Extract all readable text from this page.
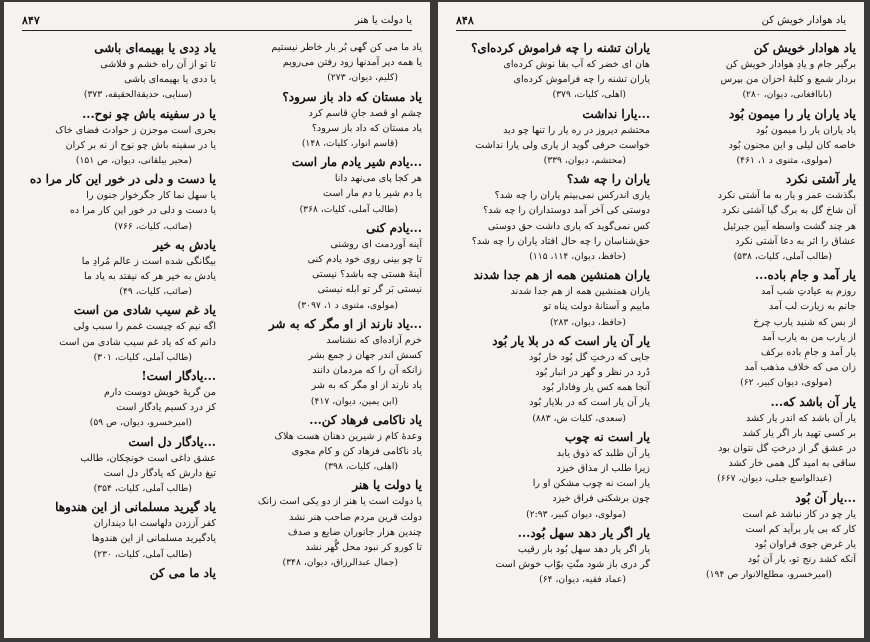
۸۴۷	یا دولت یا هنر
یاد ما می کن گهی بُر بار خاطر نیستیم
یا همه دیر آمدنها زود رفتن می‌رویم
(کلیم، دیوان، ۲۷۳)
یاد مستان که داد باز سرود؟
چشم او قصد جانِ قاسم کرد
یاد مستان که داد باز سرود؟
(قاسم انوار، کلیات، ۱۴۸)
...یادم شیر یادم مار است
هر کجا پای می‌نهد دانا
یا دم شیر یا دم مار است
(طالب آملی، کلیات، ۳۶۸)
...یادم کنی
آینه آوردمت ای روشنی
تا چو بینی روی خود یادم کنی
آینهٔ هستی چه باشد؟ نیستی
نیستی بَر گر تو ابله نیستی
(مولوی، مثنوی د ۱، ۳۰۹۷)
...یاد نارند از او مگر که به شر
خرم آزاده‌ای که نشناسد
کسش اندر جهان ز جمع بشر
زانکه آن را که مردمان دانند
یاد نارند از او مگر که به شر
(ابن یمین، دیوان، ۴۱۷)
یاد ناکامی فرهاد کن...
وعدهٔ کام ز شیرین دهنان هست هلاک
یاد ناکامی فرهاد کن و کام مجوی
(اهلی، کلیات، ۳۹۸)
یا دولت یا هنر
یا دولت است یا هنر از دو یکی است زانک
دولت قرین مردم صاحب هنر نشد
چندین هزار جانوران ضایع و صدف
تا کورو کر نبود محل گُهر نشد
(جمال عبدالرزاق، دیوان، ۳۴۸)
یاد دِدی یا بهیمه‌ای باشی
تا تو از آن راه خشم و فلاشی
یا ددی یا بهیمه‌ای باشی
(سنایی، حدیقة‌الحقیقه، ۳۷۳)
یا در سفینه باش چو نوح...
بحری است موجزن ز حوادث فضای خاک
یا در سفینه باش چو نوح از نه بر کران
(مجیر بیلقانی، دیوان، ص ۱۵۱)
یا دست و دلی در خور این کار مرا ده
یا سهل نما کار جگرخوار جنون را
یا دست و دلی در خور این کار مرا ده
(صائب، کلیات، ۷۶۶)
یادش به خیر
بیگانگی شده است ز عالم مُرادِ ما
یادش به خیر هر که نیفتد به یاد ما
(صائب، کلیات، ۴۹)
یاد غم سیب شادی من است
اگه نیم که چیست غمم را سبب ولی
دانم که که یاد غم سیب شادی من است
(طالب آملی، کلیات، ۳۰۱)
...یادگار است!
من گریهٔ خویش دوست دارم
کز درد کسیم یادگار است
(امیرخسرو، دیوان، ص ۵۹)
...یادگار دل است
عشق داغی است خونچکان، طالب
تیغ دارش که یادگار دل است
(طالب آملی، کلیات، ۳۵۴)
یاد گیرید مسلمانی از این هندوها
کفر آززدن دلهاست ابا دینداران
یادگیرید مسلمانی از این هندوها
(طالب آملی، کلیات، ۲۳۰)
یاد ما می کن
۸۴۸	یاد هوادار خویش کن
یاد هوادار خویش کن
برگیر جام و یادِ هوادار خویش کن
بردار شمع و کلبهٔ احزان من بپرس
(باباافغانی، دیوان، ۲۸۰)
یاد یاران یار را میمون بُود
یاد یاران یار را میمون بُود
خاصه کان لیلی و این مجنون بُود
(مولوی، مثنوی د ۱، ۴۶۱)
یار آشتی نکرد
بگذشت عمر و یار به ما آشتی نکرد
آن شاخ گل به برگ گیا آشتی نکرد
هر چند گشت واسطه آیین جبرئیل
عشاق را اثر به دعا آشتی نکرد
(طالب آملی، کلیات، ۵۳۸)
یار آمد و جام باده...
روزم به عیادتِ شب آمد
جانم به زیارت لب آمد
از بس که شنید یارب چرخ
از یارب من به یارب آمد
یار آمد و جامِ باده برکف
زان می که خلاف مذهب آمد
(مولوی، دیوان کبیر، ۶۲)
یار آن باشد که...
یار آن باشد که اندر یار کشد
بر کسی تهید بار اگر یار کشد
در عشق گر از درختِ گل نتوان بود
ساقی به امید گل همی خار کشد
(عبدالواسع جبلی، دیوان، ۶۶۷)
...یار آن بُود
یار چو در کار نباشد غم است
کار که بی یار برآید کم است
یار غرض جوی فراوان بُود
آنکه کشد رنج تو، یار آن بُود
(امیرخسرو، مطلع‌الانوار ص ۱۹۴)
یاران تشنه را چه فراموش کرده‌ای؟
هان ای خضر که آب بقا نوش کرده‌ای
یاران تشنه را چه فراموش کرده‌ای
(اهلی، کلیات، ۳۷۹)
...یارا نداشت
محتشم دیروز در ره یار را تنها چو دید
خواست حرفی گوید از یاری ولی یارا نداشت
(محتشم، دیوان، ۳۳۹)
یاران را چه شد؟
یاری اندرکس نمی‌بینم یاران را چه شد؟
دوستی کی آخر آمد دوستداران را چه شد؟
کس نمی‌گوید که یاری داشت حق دوستی
حق‌شناسان را چه حال افتاد یاران را چه شد؟
(حافظ، دیوان، ۱۱۴، ۱۱۵)
یاران همنشین همه از هم جدا شدند
یاران همنشین همه از هم جدا شدند
ماییم و آستانهٔ دولت پناه تو
(حافظ، دیوان، ۲۸۳)
یار آن یار است که در بلا یار بُود
جایی که درختِ گل بُود خار بُود
دُرد در نظر و گهر در انبار بُود
آنجا همه کس یار وفادار بُود
یار آن یار است که در بلایار بُود
(سعدی، کلیات ش، ۸۸۳)
یار است نه چوب
یار آن طلبد که ذوق یابد
زیرا طلب از مذاق خیزد
یار است نه چوب مشکن او را
چون برشکنی فراق خیزد
(مولوی، دیوان کبیر، ۲:۹۳)
یار اگر یار دهد سهل بُود...
یار اگر یار دهد سهل بُود بار رقیب
گر دری باز شود منّتِ بوّاب خوش است
(عماد فقیه، دیوان، ۶۴)
